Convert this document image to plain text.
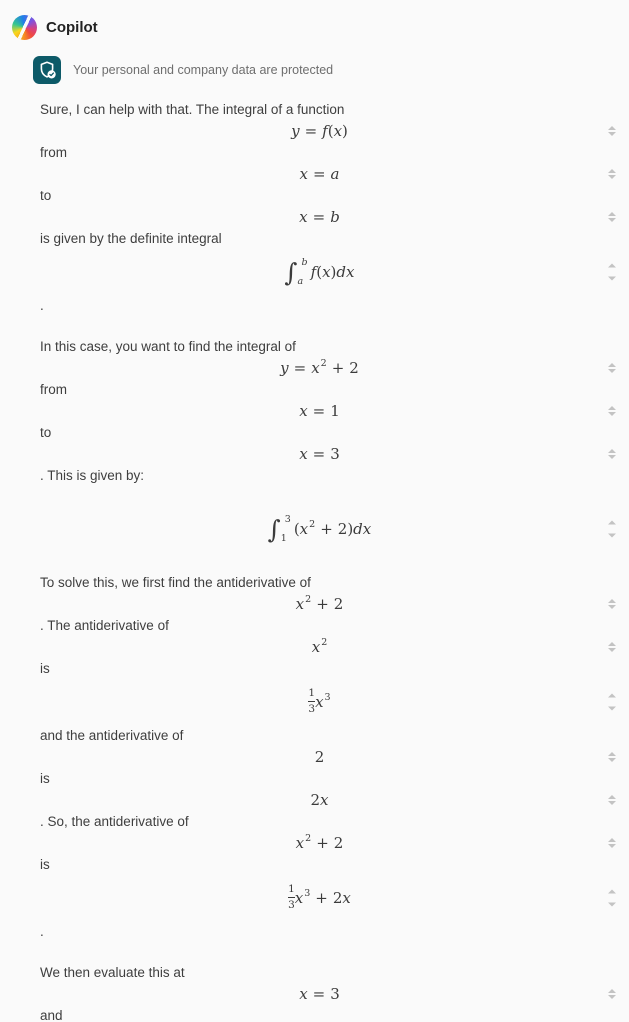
Copilot
Your personal and company data are protected
Sure, I can help with that. The integral of a function
y = f ( x )
from
x = a
to
x = b
is given by the definite integral
∫ b
a
f ( x ) d x
.
In this case, you want to find the integral of
y = x 2 + 2
from
x = 1
to
x = 3
. This is given by:
∫ 3
1
( x 2 + 2 ) d x
To solve this, we first find the antiderivative of
x 2 + 2
. The antiderivative of
x 2
is
1
3 x 3
and the antiderivative of
2
is
2 x
. So, the antiderivative of
x 2 + 2
is
1
3 x 3 + 2 x
.
We then evaluate this at
x = 3
and
